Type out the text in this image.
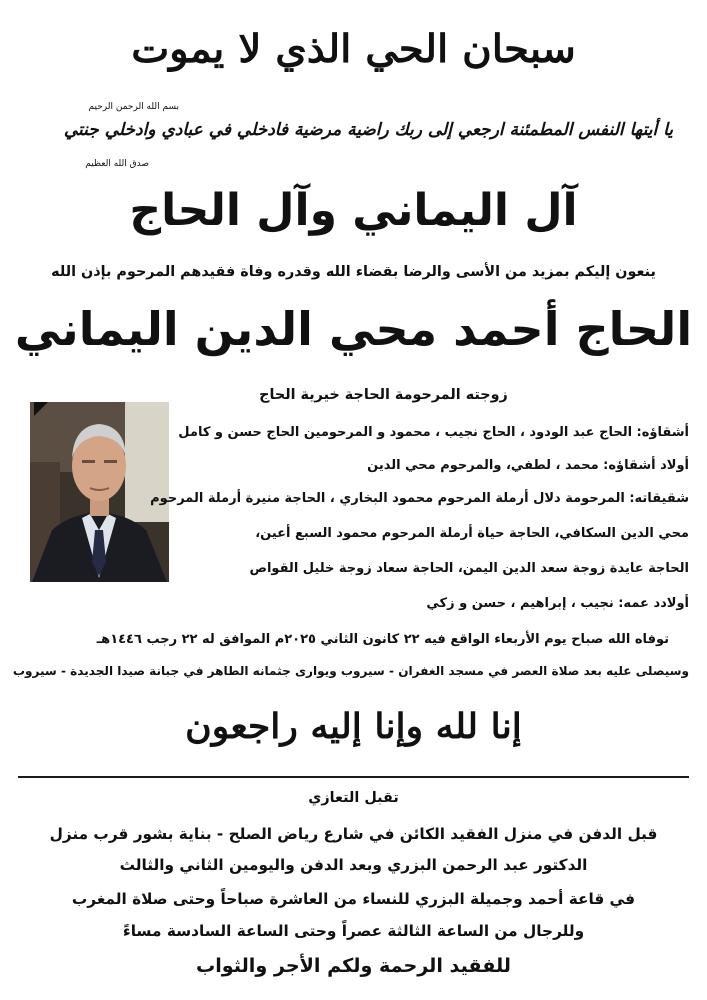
سبحان الحي الذي لا يموت
بسم الله الرحمن الرحيم
يا أيتها النفس المطمئنة ارجعي إلى ربك راضية مرضية فادخلي في عبادي وادخلي جنتي
صدق الله العظيم
آل اليماني وآل الحاج
ينعون إليكم بمزيد من الأسى والرضا بقضاء الله وقدره وفاة فقيدهم المرحوم بإذن الله
الحاج أحمد محي الدين اليماني
زوجته المرحومة الحاجة خيرية الحاج
أشقاؤه: الحاج عبد الودود ، الحاج نجيب ، محمود و المرحومين الحاج حسن و كامل
أولاد أشقاؤه: محمد ، لطفي، والمرحوم محي الدين
شقيقاته: المرحومة دلال أرملة المرحوم محمود البخاري ، الحاجة منيرة أرملة المرحوم
محي الدين السكافي، الحاجة حياة أرملة المرحوم محمود السبع أعين،
الحاجة عايدة زوجة سعد الدين اليمن، الحاجة سعاد زوجة خليل القواص
أولادد عمه: نجيب ، إبراهيم ، حسن و زكي
توفاه الله صباح يوم الأربعاء الواقع فيه ٢٢ كانون الثاني ٢٠٢٥م الموافق له ٢٢ رجب ١٤٤٦هـ
وسيصلى عليه بعد صلاة العصر في مسجد الغفران - سيروب ويوارى جثمانه الطاهر في جبانة صيدا الجديدة - سيروب
إنا لله وإنا إليه راجعون
تقبل التعازي
قبل الدفن في منزل الفقيد الكائن في شارع رياض الصلح - بناية بشور قرب منزل
الدكتور عبد الرحمن البزري وبعد الدفن واليومين الثاني والثالث
في قاعة أحمد وجميلة البزري للنساء من العاشرة صباحاً وحتى صلاة المغرب
وللرجال من الساعة الثالثة عصراً وحتى الساعة السادسة مساءً
للفقيد الرحمة ولكم الأجر والثواب
